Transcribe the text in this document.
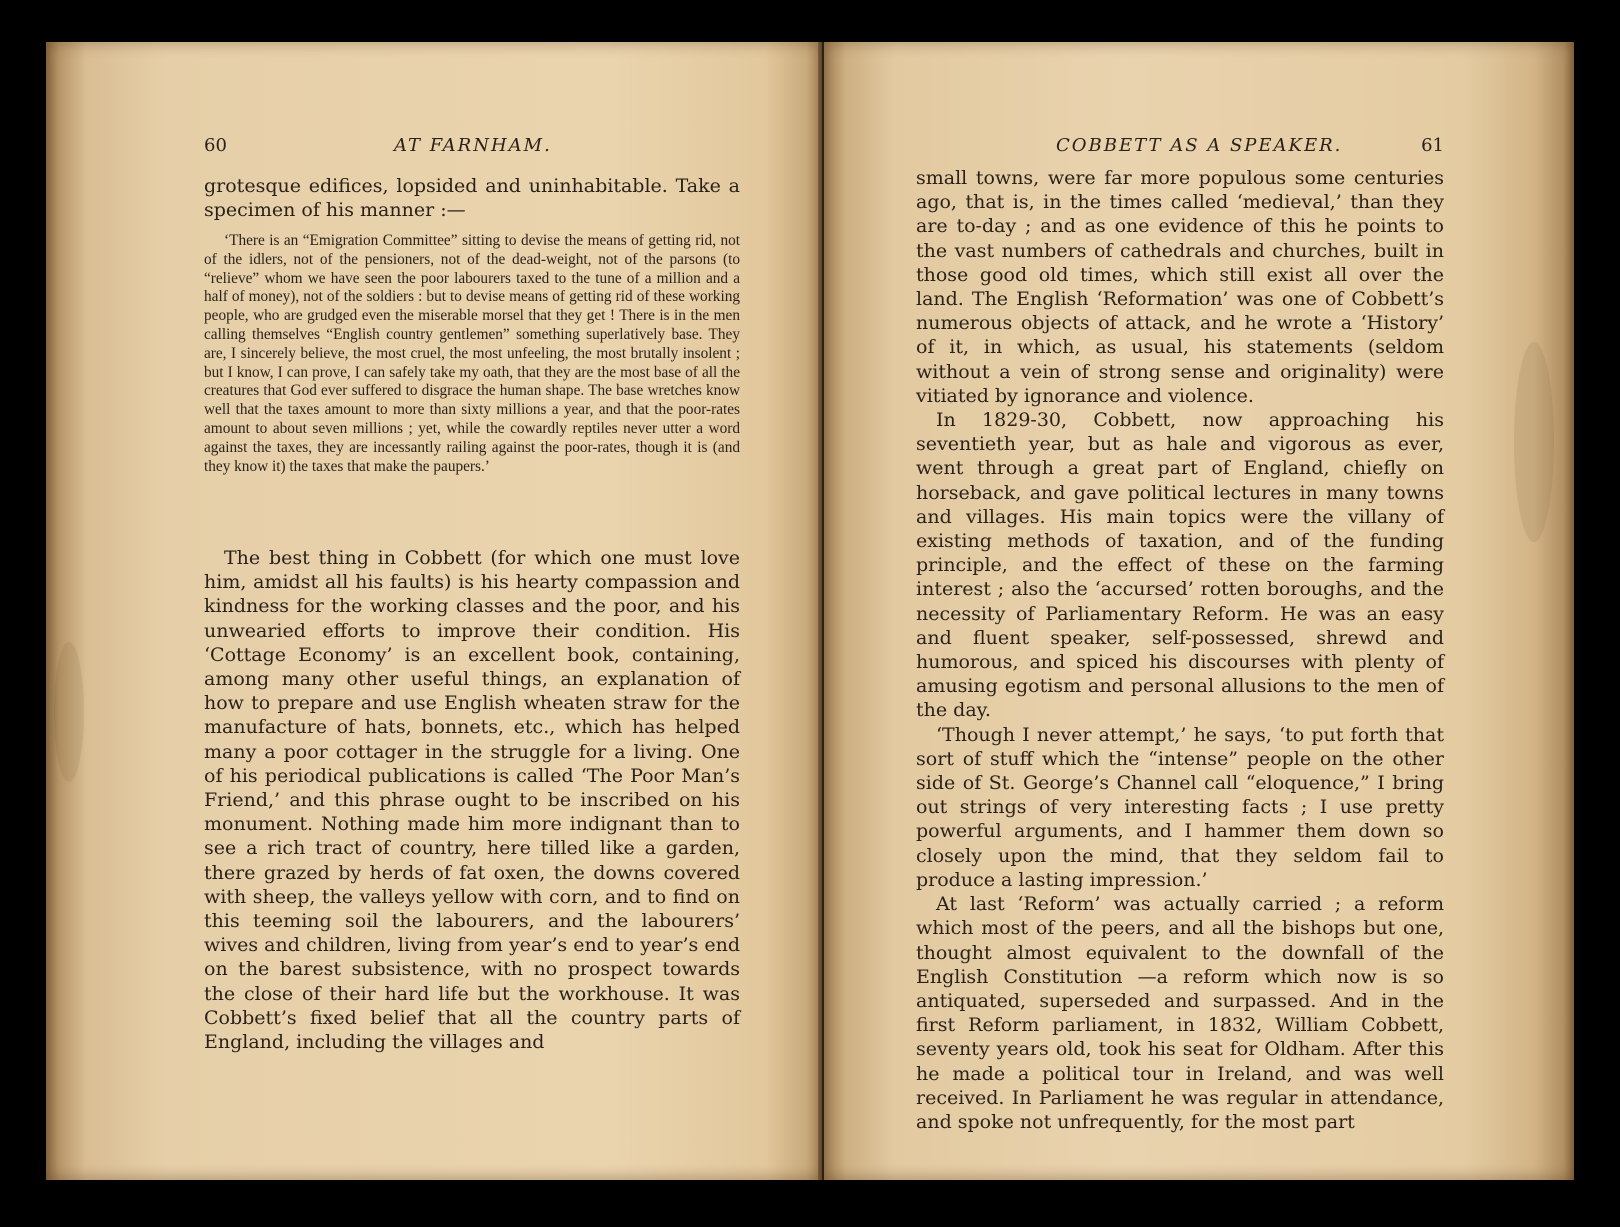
60	AT FARNHAM.

grotesque edifices, lopsided and uninhabitable. Take a specimen of his manner :—

‘There is an “Emigration Committee” sitting to devise the means of getting rid, not of the idlers, not of the pensioners, not of the dead-weight, not of the parsons (to “relieve” whom we have seen the poor labourers taxed to the tune of a million and a half of money), not of the soldiers : but to devise means of getting rid of these working people, who are grudged even the miserable morsel that they get ! There is in the men calling themselves “English country gentlemen” something superlatively base. They are, I sincerely believe, the most cruel, the most unfeeling, the most brutally insolent ; but I know, I can prove, I can safely take my oath, that they are the most base of all the creatures that God ever suffered to disgrace the human shape. The base wretches know well that the taxes amount to more than sixty millions a year, and that the poor-rates amount to about seven millions ; yet, while the cowardly reptiles never utter a word against the taxes, they are incessantly railing against the poor-rates, though it is (and they know it) the taxes that make the paupers.’

The best thing in Cobbett (for which one must love him, amidst all his faults) is his hearty compassion and kindness for the working classes and the poor, and his unwearied efforts to improve their condition. His ‘Cottage Economy’ is an excellent book, containing, among many other useful things, an explanation of how to prepare and use English wheaten straw for the manufacture of hats, bonnets, etc., which has helped many a poor cottager in the struggle for a living. One of his periodical publications is called ‘The Poor Man’s Friend,’ and this phrase ought to be inscribed on his monument. Nothing made him more indignant than to see a rich tract of country, here tilled like a garden, there grazed by herds of fat oxen, the downs covered with sheep, the valleys yellow with corn, and to find on this teeming soil the labourers, and the labourers’ wives and children, living from year’s end to year’s end on the barest subsistence, with no prospect towards the close of their hard life but the workhouse. It was Cobbett’s fixed belief that all the country parts of England, including the villages and

COBBETT AS A SPEAKER.	61

small towns, were far more populous some centuries ago, that is, in the times called ‘medieval,’ than they are to-day ; and as one evidence of this he points to the vast numbers of cathedrals and churches, built in those good old times, which still exist all over the land. The English ‘Reformation’ was one of Cobbett’s numerous objects of attack, and he wrote a ‘History’ of it, in which, as usual, his statements (seldom without a vein of strong sense and originality) were vitiated by ignorance and violence.

In 1829-30, Cobbett, now approaching his seventieth year, but as hale and vigorous as ever, went through a great part of England, chiefly on horseback, and gave political lectures in many towns and villages. His main topics were the villany of existing methods of taxation, and of the funding principle, and the effect of these on the farming interest ; also the ‘accursed’ rotten boroughs, and the necessity of Parliamentary Reform. He was an easy and fluent speaker, self-possessed, shrewd and humorous, and spiced his discourses with plenty of amusing egotism and personal allusions to the men of the day.

‘Though I never attempt,’ he says, ‘to put forth that sort of stuff which the “intense” people on the other side of St. George’s Channel call “eloquence,” I bring out strings of very interesting facts ; I use pretty powerful arguments, and I hammer them down so closely upon the mind, that they seldom fail to produce a lasting impression.’

At last ‘Reform’ was actually carried ; a reform which most of the peers, and all the bishops but one, thought almost equivalent to the downfall of the English Constitution —a reform which now is so antiquated, superseded and surpassed. And in the first Reform parliament, in 1832, William Cobbett, seventy years old, took his seat for Oldham. After this he made a political tour in Ireland, and was well received. In Parliament he was regular in attendance, and spoke not unfrequently, for the most part
